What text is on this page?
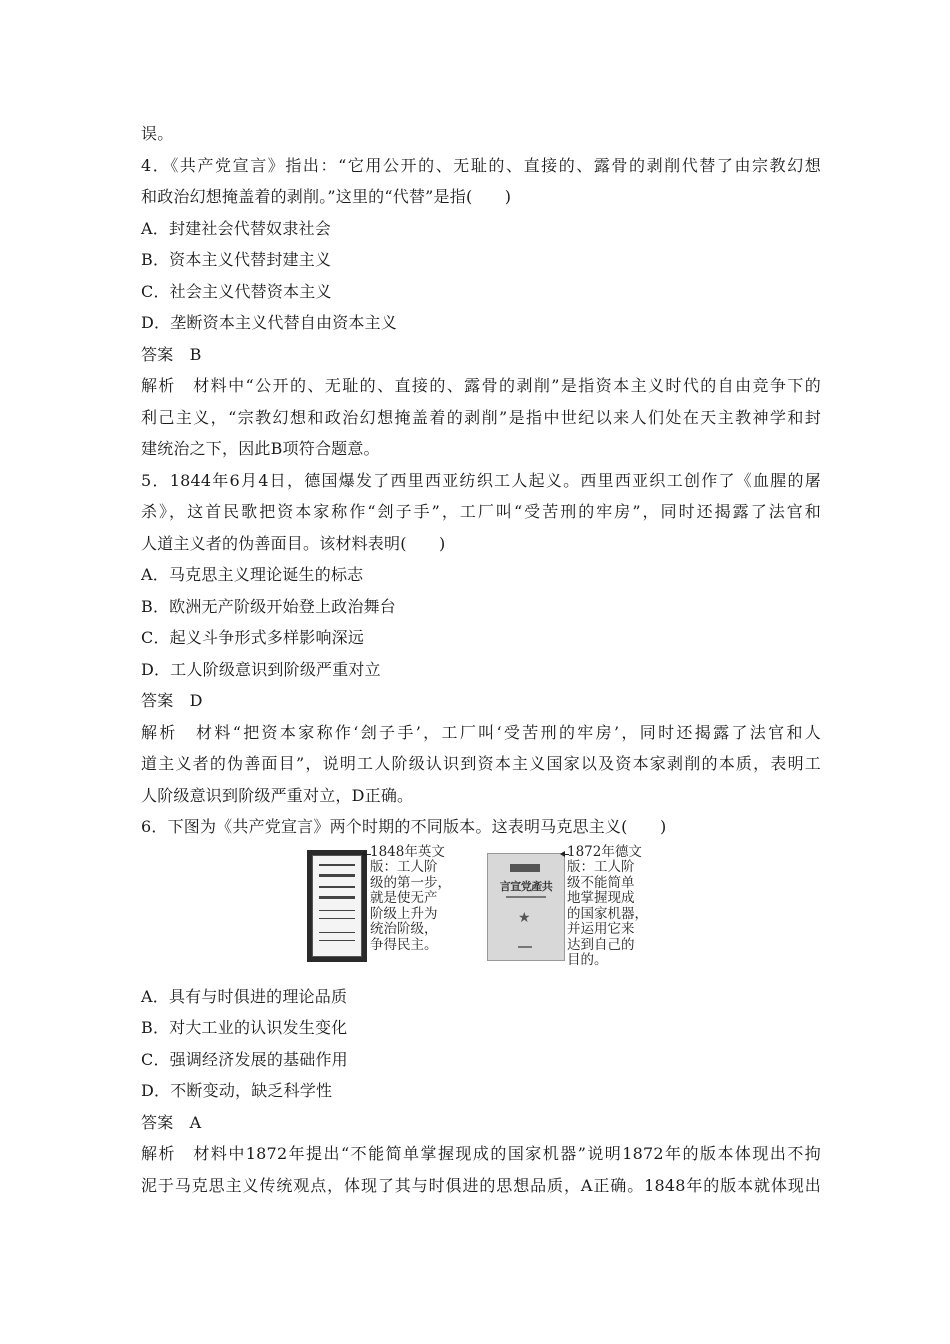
误。
4．《共产党宣言》指出：“它用公开的、无耻的、直接的、露骨的剥削代替了由宗教幻想
和政治幻想掩盖着的剥削。”这里的“代替”是指(　　)
A．封建社会代替奴隶社会
B．资本主义代替封建主义
C．社会主义代替资本主义
D．垄断资本主义代替自由资本主义
答案　B
解析　材料中“公开的、无耻的、直接的、露骨的剥削”是指资本主义时代的自由竞争下的
利己主义，“宗教幻想和政治幻想掩盖着的剥削”是指中世纪以来人们处在天主教神学和封
建统治之下，因此B项符合题意。
5．1844年6月4日，德国爆发了西里西亚纺织工人起义。西里西亚织工创作了《血腥的屠
杀》，这首民歌把资本家称作“刽子手”，工厂叫“受苦刑的牢房”，同时还揭露了法官和
人道主义者的伪善面目。该材料表明(　　)
A．马克思主义理论诞生的标志
B．欧洲无产阶级开始登上政治舞台
C．起义斗争形式多样影响深远
D．工人阶级意识到阶级严重对立
答案　D
解析　材料“把资本家称作‘刽子手’，工厂叫‘受苦刑的牢房’，同时还揭露了法官和人
道主义者的伪善面目”，说明工人阶级认识到资本主义国家以及资本家剥削的本质，表明工
人阶级意识到阶级严重对立，D正确。
6．下图为《共产党宣言》两个时期的不同版本。这表明马克思主义(　　)
1848年英文
版：工人阶
级的第一步，
就是使无产
阶级上升为
统治阶级，
争得民主。
言宣党產共
★
1872年德文
版：工人阶
级不能简单
地掌握现成
的国家机器，
并运用它来
达到自己的
目的。
A．具有与时俱进的理论品质
B．对大工业的认识发生变化
C．强调经济发展的基础作用
D．不断变动，缺乏科学性
答案　A
解析　材料中1872年提出“不能简单掌握现成的国家机器”说明1872年的版本体现出不拘
泥于马克思主义传统观点，体现了其与时俱进的思想品质，A正确。1848年的版本就体现出
